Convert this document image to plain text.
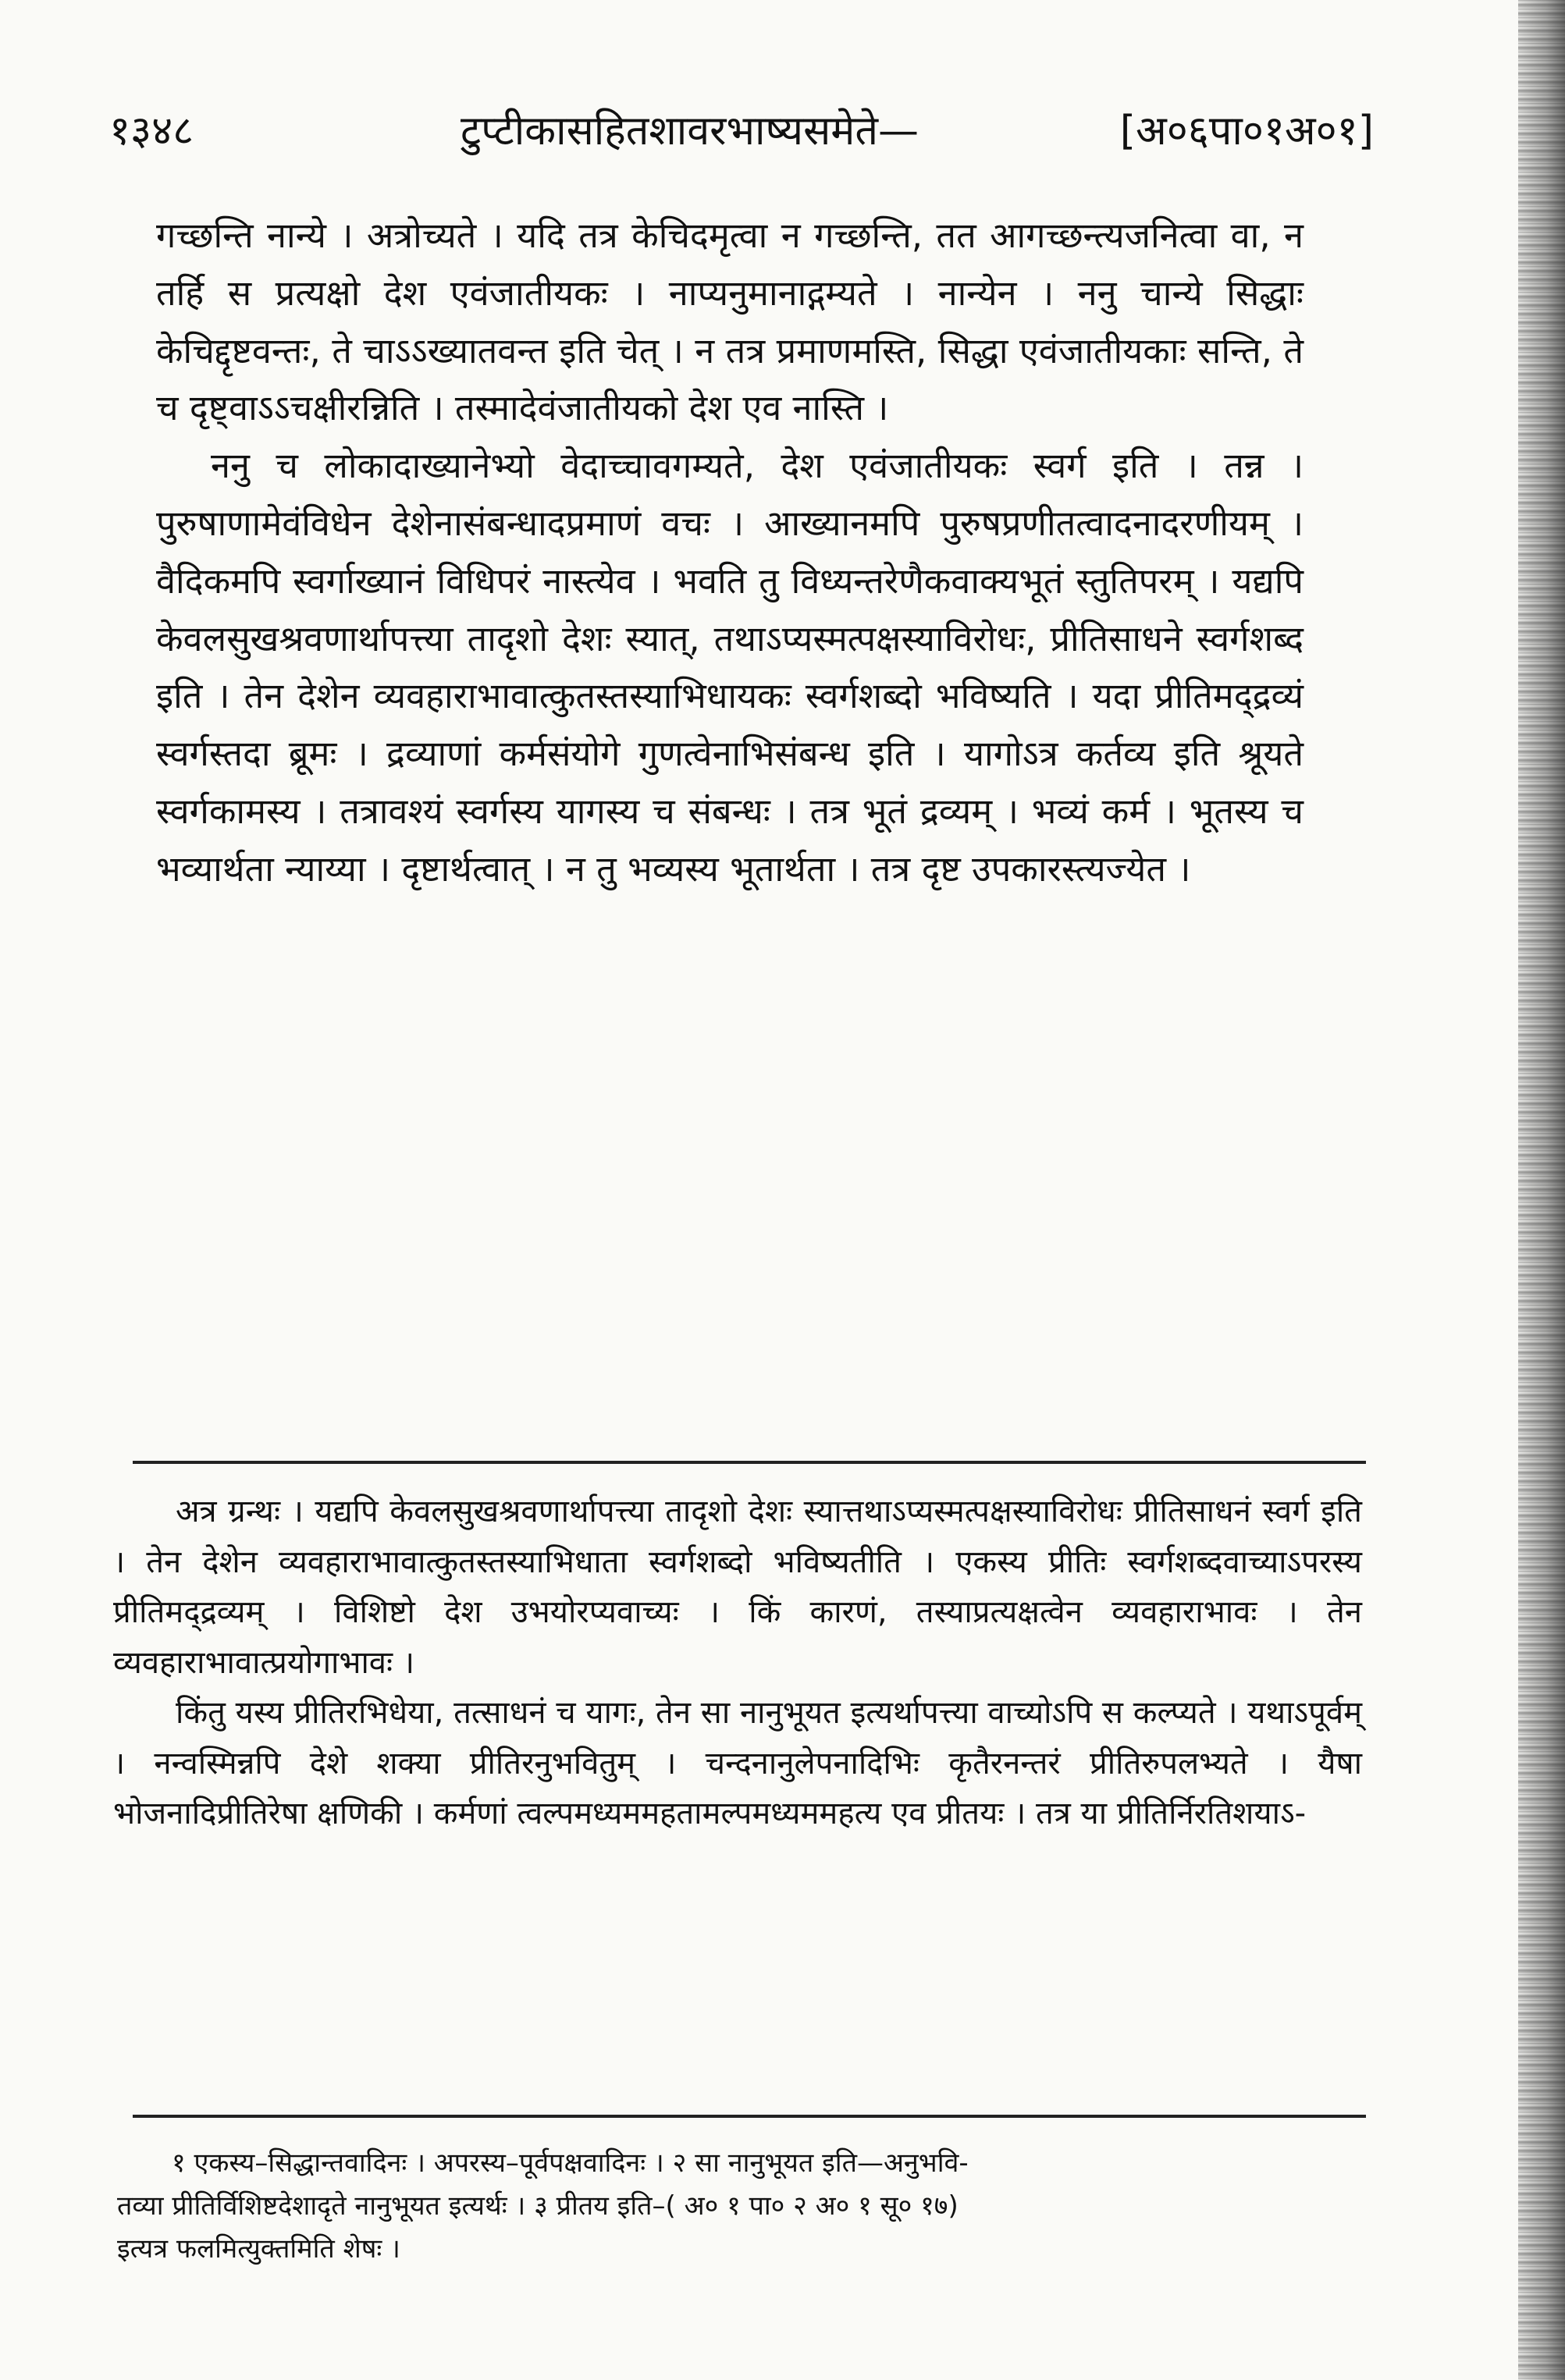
१३४८	टुप्टीकासहितशावरभाष्यसमेते—	[अ०६पा०१अ०१]

गच्छन्ति नान्ये । अत्रोच्यते । यदि तत्र केचिदमृत्वा न गच्छन्ति, तत आगच्छन्त्यजनित्वा वा, न तर्हि स प्रत्यक्षो देश एवंजातीयकः । नाप्यनुमानाद्गम्यते । नान्येन । ननु चान्ये सिद्धाः केचिद्दृष्टवन्तः, ते चाऽऽख्यातवन्त इति चेत् । न तत्र प्रमाणमस्ति, सिद्धा एवंजातीयकाः सन्ति, ते च दृष्ट्वाऽऽचक्षीरन्निति । तस्मादेवंजातीयको देश एव नास्ति ।

ननु च लोकादाख्यानेभ्यो वेदाच्चावगम्यते, देश एवंजातीयकः स्वर्ग इति । तन्न । पुरुषाणामेवंविधेन देशेनासंबन्धादप्रमाणं वचः । आख्यानमपि पुरुषप्रणीतत्वादनादरणीयम् । वैदिकमपि स्वर्गाख्यानं विधिपरं नास्त्येव । भवति तु विध्यन्तरेणैकवाक्यभूतं स्तुतिपरम् । यद्यपि केवलसुखश्रवणार्थापत्त्या तादृशो देशः स्यात्, तथाऽप्यस्मत्पक्षस्याविरोधः, प्रीतिसाधने स्वर्गशब्द इति । तेन देशेन व्यवहाराभावात्कुतस्तस्याभिधायकः स्वर्गशब्दो भविष्यति । यदा प्रीतिमद्द्रव्यं स्वर्गस्तदा ब्रूमः । द्रव्याणां कर्मसंयोगे गुणत्वेनाभिसंबन्ध इति । यागोऽत्र कर्तव्य इति श्रूयते स्वर्गकामस्य । तत्रावश्यं स्वर्गस्य यागस्य च संबन्धः । तत्र भूतं द्रव्यम् । भव्यं कर्म । भूतस्य च भव्यार्थता न्याय्या । दृष्टार्थत्वात् । न तु भव्यस्य भूतार्थता । तत्र दृष्ट उपकारस्त्यज्येत ।

अत्र ग्रन्थः । यद्यपि केवलसुखश्रवणार्थापत्त्या तादृशो देशः स्यात्तथाऽप्यस्मत्पक्षस्याविरोधः प्रीतिसाधनं स्वर्ग इति । तेन देशेन व्यवहाराभावात्कुतस्तस्याभिधाता स्वर्गशब्दो भविष्यतीति । एकस्य प्रीतिः स्वर्गशब्दवाच्याऽपरस्य प्रीतिमद्द्रव्यम् । विशिष्टो देश उभयोरप्यवाच्यः । किं कारणं, तस्याप्रत्यक्षत्वेन व्यवहाराभावः । तेन व्यवहाराभावात्प्रयोगाभावः ।

किंतु यस्य प्रीतिरभिधेया, तत्साधनं च यागः, तेन सा नानुभूयत इत्यर्थापत्त्या वाच्योऽपि स कल्प्यते । यथाऽपूर्वम् । नन्वस्मिन्नपि देशे शक्या प्रीतिरनुभवितुम् । चन्दनानुलेपनादिभिः कृतैरनन्तरं प्रीतिरुपलभ्यते । यैषा भोजनादिप्रीतिरेषा क्षणिकी । कर्मणां त्वल्पमध्यममहतामल्पमध्यममहत्य एव प्रीतयः । तत्र या प्रीतिर्निरतिशयाऽ-

१ एकस्य–सिद्धान्तवादिनः । अपरस्य–पूर्वपक्षवादिनः । २ सा नानुभूयत इति—अनुभवि-

तव्या प्रीतिर्विशिष्टदेशादृते नानुभूयत इत्यर्थः । ३ प्रीतय इति–( अ० १ पा० २ अ० १ सू० १७)

इत्यत्र फलमित्युक्तमिति शेषः ।
